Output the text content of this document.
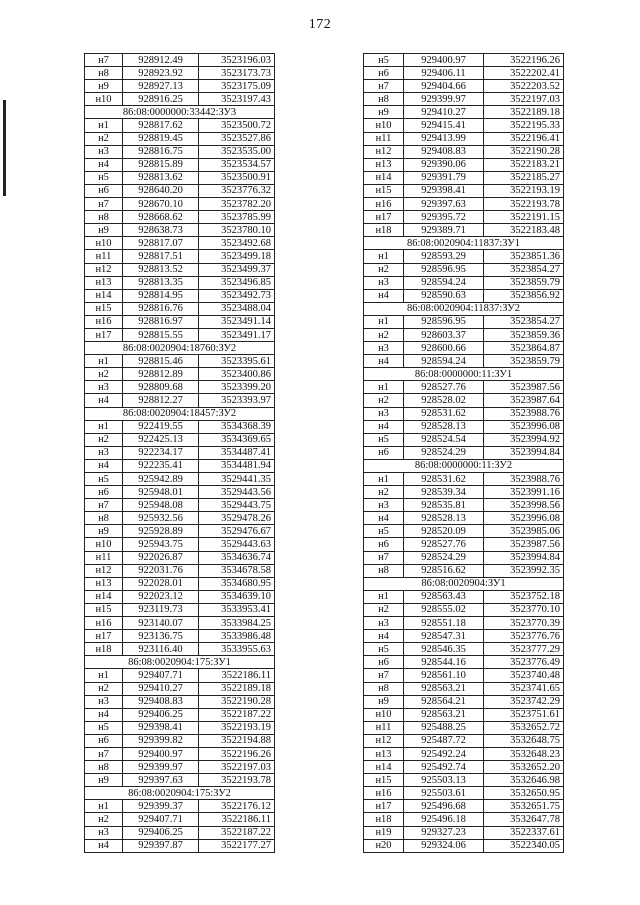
172
н7	928912.49	3523196.03
н8	928923.92	3523173.73
н9	928927.13	3523175.09
н10	928916.25	3523197.43
86:08:0000000:33442:ЗУ3		
н1	928817.62	3523500.72
н2	928819.45	3523527.86
н3	928816.75	3523535.00
н4	928815.89	3523534.57
н5	928813.62	3523500.91
н6	928640.20	3523776.32
н7	928670.10	3523782.20
н8	928668.62	3523785.99
н9	928638.73	3523780.10
н10	928817.07	3523492.68
н11	928817.51	3523499.18
н12	928813.52	3523499.37
н13	928813.35	3523496.85
н14	928814.95	3523492.73
н15	928816.76	3523488.04
н16	928816.97	3523491.14
н17	928815.55	3523491.17
86:08:0020904:18760:ЗУ2		
н1	928815.46	3523395.61
н2	928812.89	3523400.86
н3	928809.68	3523399.20
н4	928812.27	3523393.97
86:08:0020904:18457:ЗУ2		
н1	922419.55	3534368.39
н2	922425.13	3534369.65
н3	922234.17	3534487.41
н4	922235.41	3534481.94
н5	925942.89	3529441.35
н6	925948.01	3529443.56
н7	925948.08	3529443.75
н8	925932.56	3529478.26
н9	925928.89	3529476.67
н10	925943.75	3529443.63
н11	922026.87	3534636.74
н12	922031.76	3534678.58
н13	922028.01	3534680.95
н14	922023.12	3534639.10
н15	923119.73	3533953.41
н16	923140.07	3533984.25
н17	923136.75	3533986.48
н18	923116.40	3533955.63
86:08:0020904:175:ЗУ1		
н1	929407.71	3522186.11
н2	929410.27	3522189.18
н3	929408.83	3522190.28
н4	929406.25	3522187.22
н5	929398.41	3522193.19
н6	929399.82	3522194.88
н7	929400.97	3522196.26
н8	929399.97	3522197.03
н9	929397.63	3522193.78
86:08:0020904:175:ЗУ2		
н1	929399.37	3522176.12
н2	929407.71	3522186.11
н3	929406.25	3522187.22
н4	929397.87	3522177.27
н5	929400.97	3522196.26
н6	929406.11	3522202.41
н7	929404.66	3522203.52
н8	929399.97	3522197.03
н9	929410.27	3522189.18
н10	929415.41	3522195.33
н11	929413.99	3522196.41
н12	929408.83	3522190.28
н13	929390.06	3522183.21
н14	929391.79	3522185.27
н15	929398.41	3522193.19
н16	929397.63	3522193.78
н17	929395.72	3522191.15
н18	929389.71	3522183.48
86:08:0020904:11837:ЗУ1		
н1	928593.29	3523851.36
н2	928596.95	3523854.27
н3	928594.24	3523859.79
н4	928590.63	3523856.92
86:08:0020904:11837:ЗУ2		
н1	928596.95	3523854.27
н2	928603.37	3523859.36
н3	928600.66	3523864.87
н4	928594.24	3523859.79
86:08:0000000:11:ЗУ1		
н1	928527.76	3523987.56
н2	928528.02	3523987.64
н3	928531.62	3523988.76
н4	928528.13	3523996.08
н5	928524.54	3523994.92
н6	928524.29	3523994.84
86:08:0000000:11:ЗУ2		
н1	928531.62	3523988.76
н2	928539.34	3523991.16
н3	928535.81	3523998.56
н4	928528.13	3523996.08
н5	928520.09	3523985.06
н6	928527.76	3523987.56
н7	928524.29	3523994.84
н8	928516.62	3523992.35
86:08:0020904:ЗУ1		
н1	928563.43	3523752.18
н2	928555.02	3523770.10
н3	928551.18	3523770.39
н4	928547.31	3523776.76
н5	928546.35	3523777.29
н6	928544.16	3523776.49
н7	928561.10	3523740.48
н8	928563.21	3523741.65
н9	928564.21	3523742.29
н10	928563.21	3523751.61
н11	925488.25	3532652.72
н12	925487.72	3532648.75
н13	925492.24	3532648.23
н14	925492.74	3532652.20
н15	925503.13	3532646.98
н16	925503.61	3532650.95
н17	925496.68	3532651.75
н18	925496.18	3532647.78
н19	929327.23	3522337.61
н20	929324.06	3522340.05
